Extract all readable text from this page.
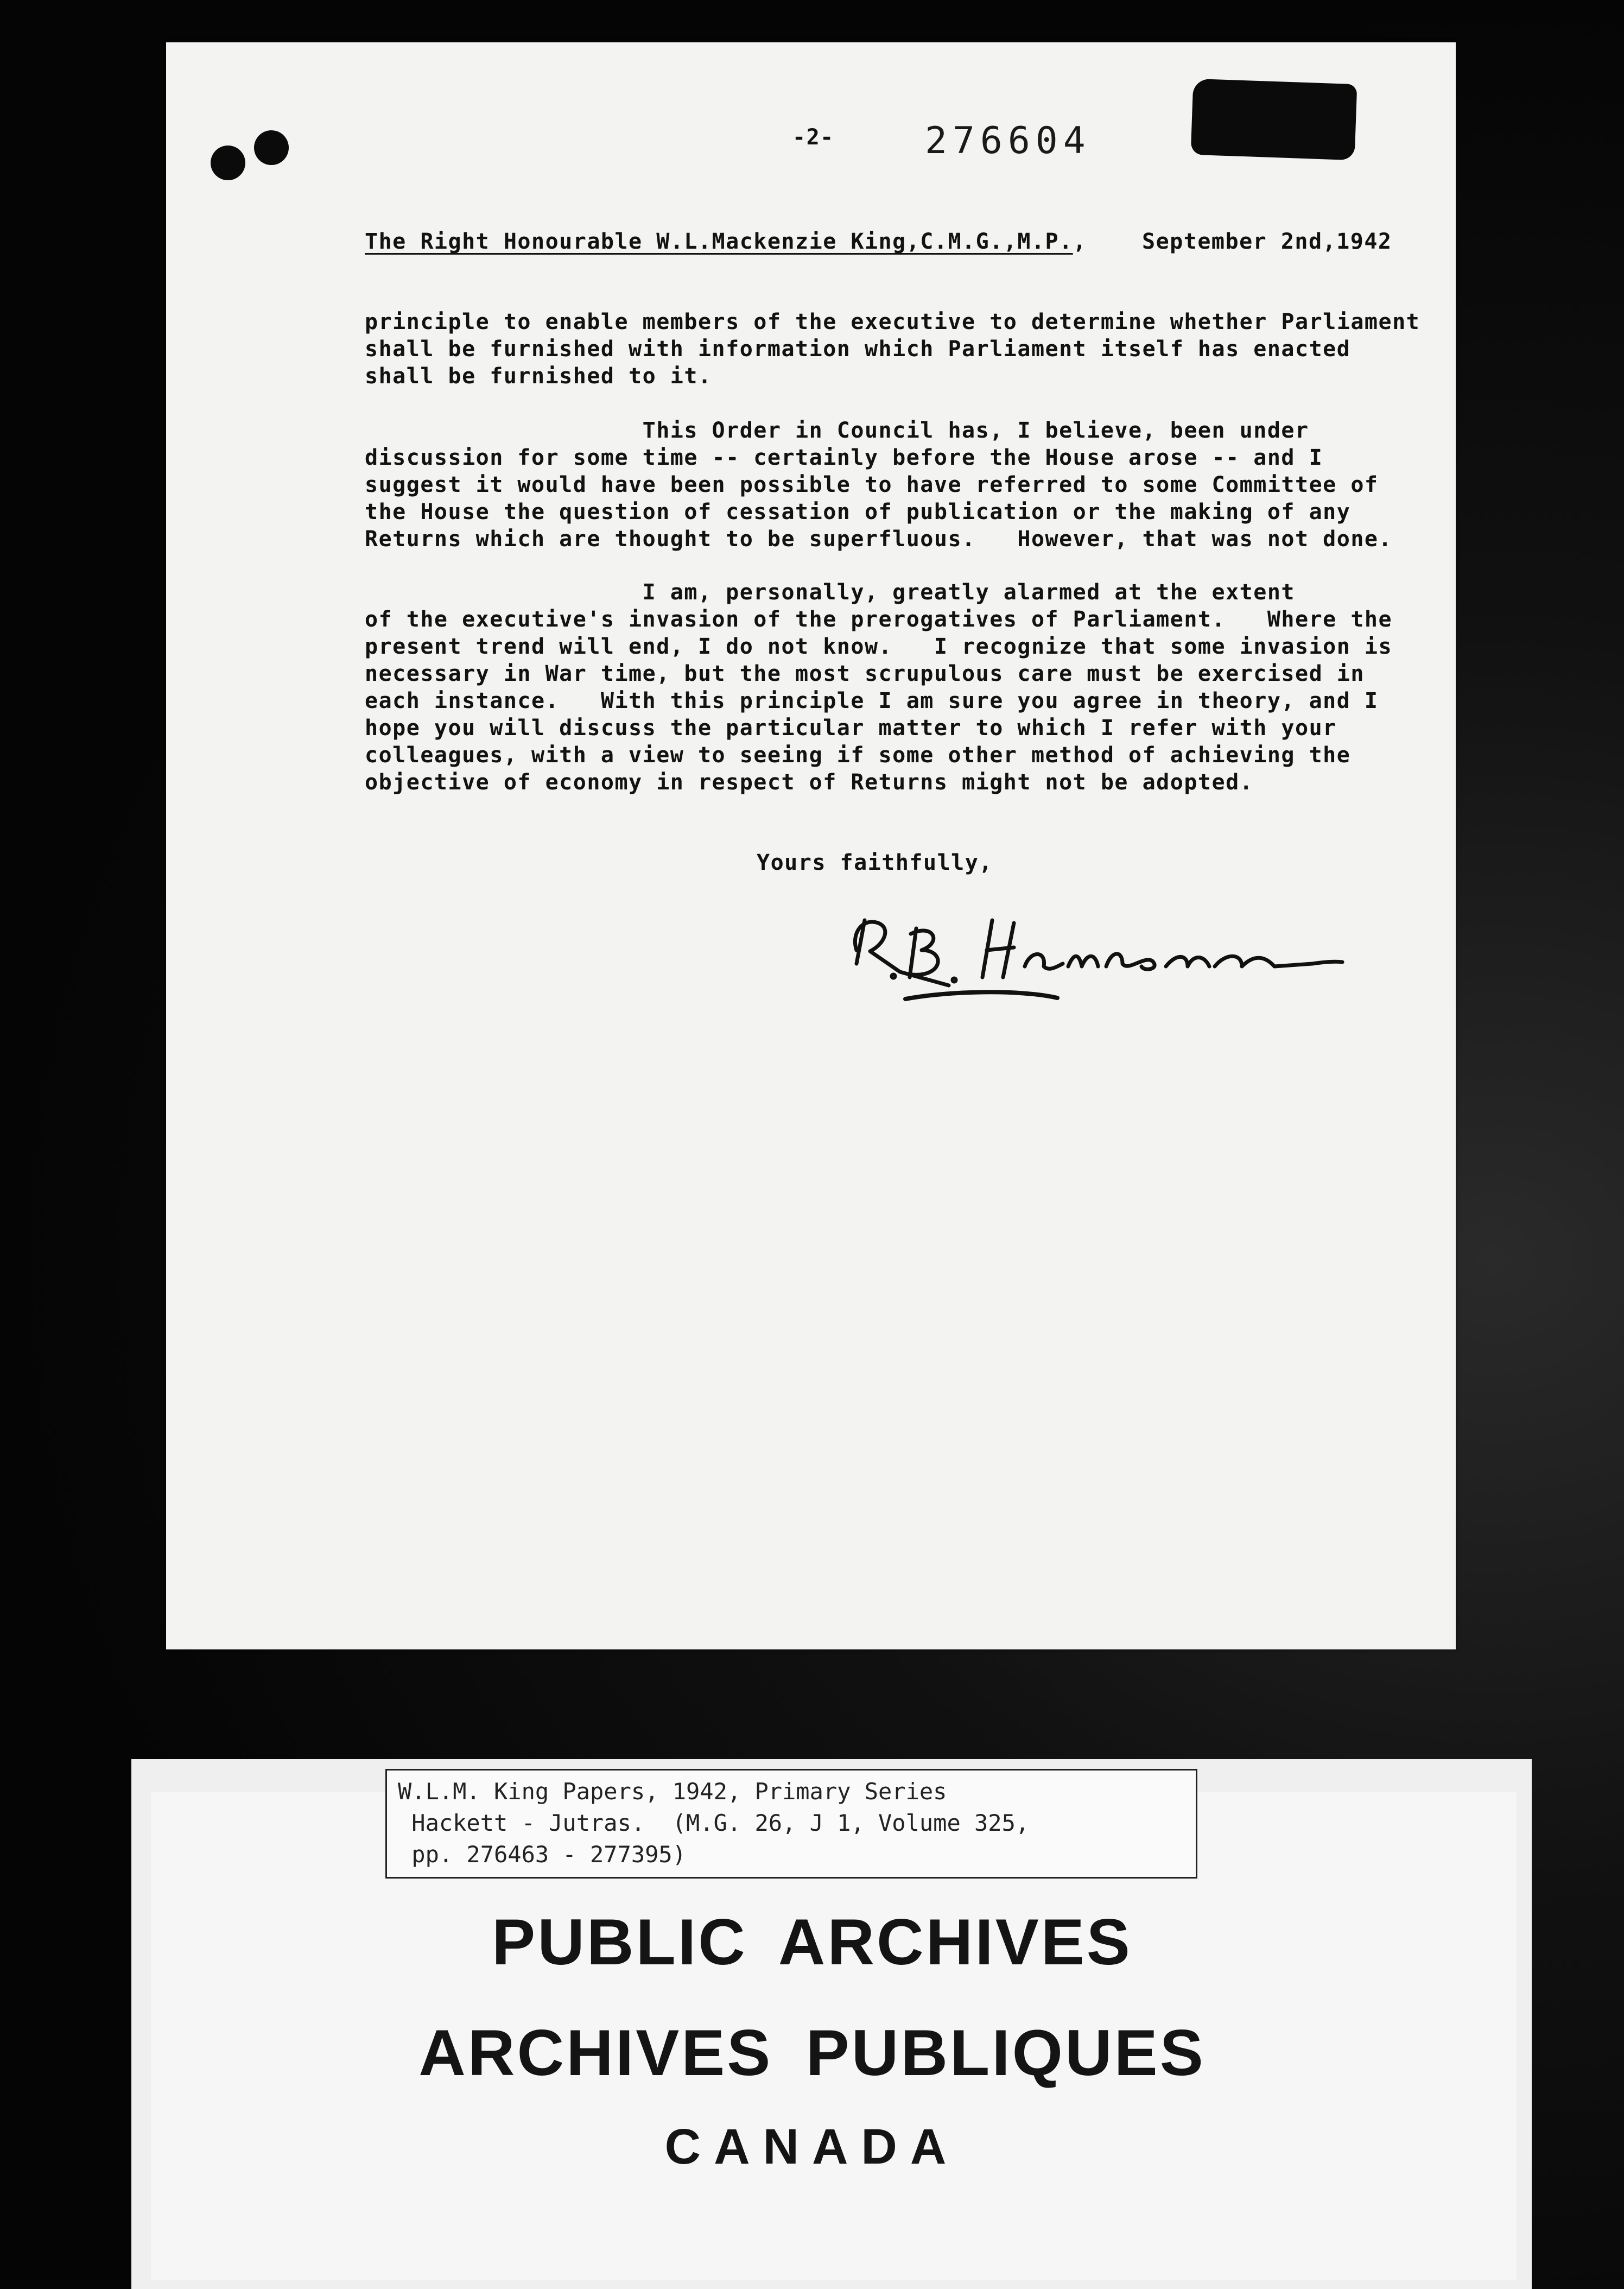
-2- 276604
The Right Honourable W.L.Mackenzie King,C.M.G.,M.P.,	September 2nd,1942
principle to enable members of the executive to determine whether Parliament
shall be furnished with information which Parliament itself has enacted
shall be furnished to it.
This Order in Council has, I believe, been under
discussion for some time -- certainly before the House arose -- and I
suggest it would have been possible to have referred to some Committee of
the House the question of cessation of publication or the making of any
Returns which are thought to be superfluous.   However, that was not done.
I am, personally, greatly alarmed at the extent
of the executive's invasion of the prerogatives of Parliament.   Where the
present trend will end, I do not know.   I recognize that some invasion is
necessary in War time, but the most scrupulous care must be exercised in
each instance.   With this principle I am sure you agree in theory, and I
hope you will discuss the particular matter to which I refer with your
colleagues, with a view to seeing if some other method of achieving the
objective of economy in respect of Returns might not be adopted.
Yours faithfully,
W.L.M. King Papers, 1942, Primary Series
Hackett - Jutras.  (M.G. 26, J 1, Volume 325,
pp. 276463 - 277395)
PUBLIC ARCHIVES
ARCHIVES PUBLIQUES
CANADA
